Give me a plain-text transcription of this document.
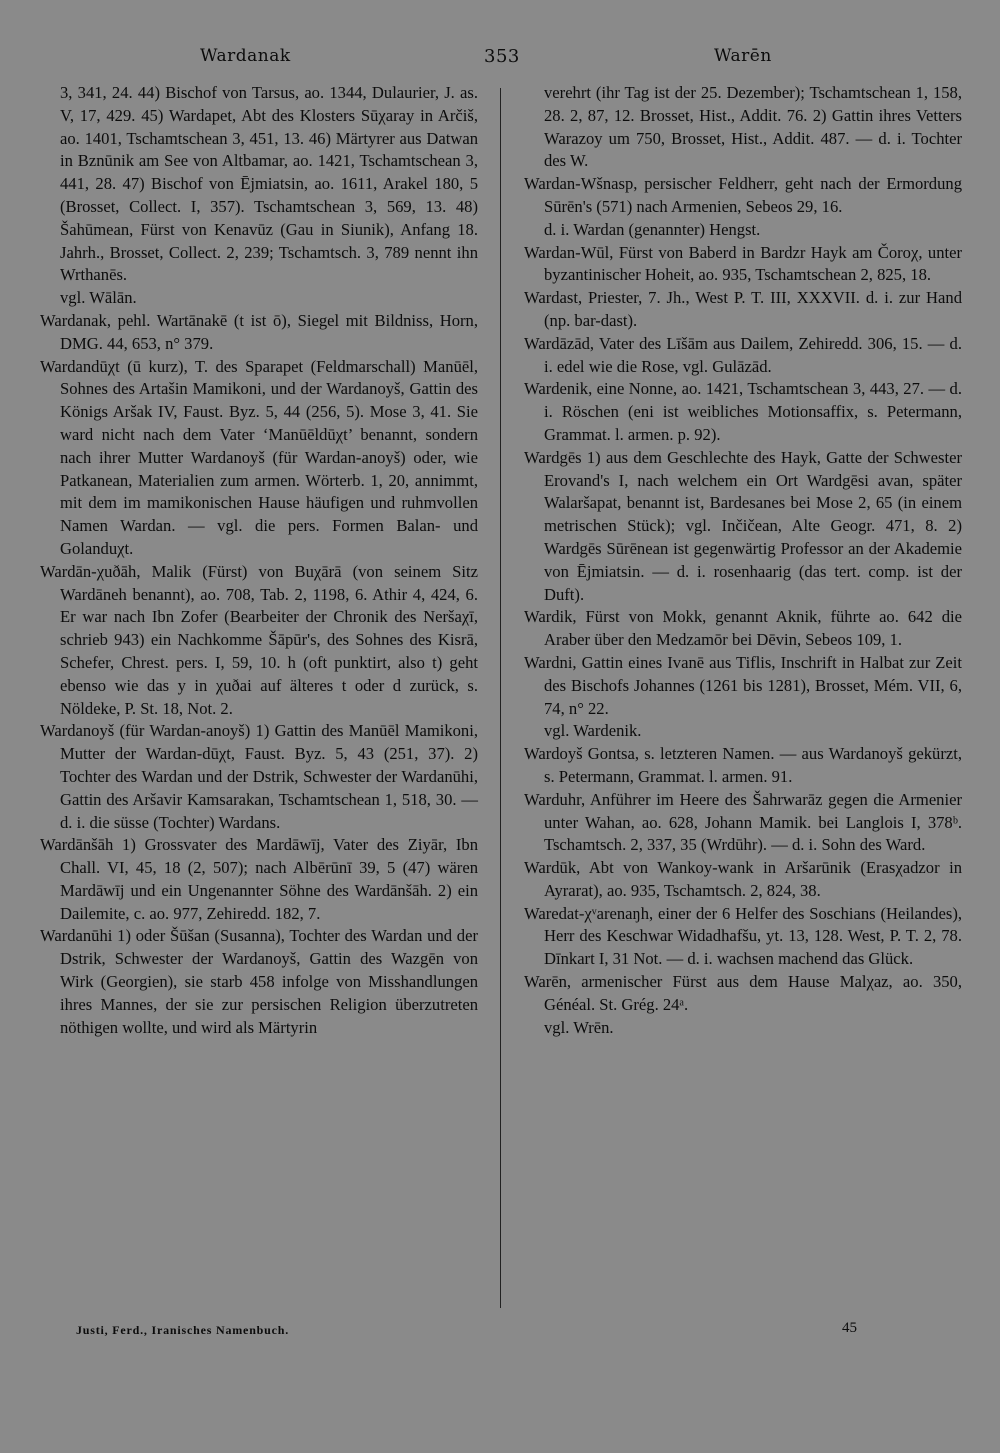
Wardanak	353	Warēn

3, 341, 24. 44) Bischof von Tarsus, ao. 1344, Dulaurier, J. as. V, 17, 429. 45) Wardapet, Abt des Klosters Sūχaray in Arčiš, ao. 1401, Tschamtschean 3, 451, 13. 46) Märtyrer aus Datwan in Bznūnik am See von Altbamar, ao. 1421, Tschamtschean 3, 441, 28. 47) Bischof von Ējmiatsin, ao. 1611, Arakel 180, 5 (Brosset, Collect. I, 357). Tschamtschean 3, 569, 13. 48) Šahūmean, Fürst von Kenavūz (Gau in Siunik), Anfang 18. Jahrh., Brosset, Collect. 2, 239; Tschamtsch. 3, 789 nennt ihn Wrthanēs.

vgl. Wālān.

Wardanak, pehl. Wartānakē (t ist ō), Siegel mit Bildniss, Horn, DMG. 44, 653, n° 379.

Wardandūχt (ū kurz), T. des Sparapet (Feldmarschall) Manūēl, Sohnes des Artašin Mamikoni, und der Wardanoyš, Gattin des Königs Aršak IV, Faust. Byz. 5, 44 (256, 5). Mose 3, 41. Sie ward nicht nach dem Vater ‘Manūēldūχt’ benannt, sondern nach ihrer Mutter Wardanoyš (für Wardan-anoyš) oder, wie Patkanean, Materialien zum armen. Wörterb. 1, 20, annimmt, mit dem im mamikonischen Hause häufigen und ruhmvollen Namen Wardan. — vgl. die pers. Formen Balan- und Golanduχt.

Wardān-χuðāh, Malik (Fürst) von Buχārā (von seinem Sitz Wardāneh benannt), ao. 708, Tab. 2, 1198, 6. Athir 4, 424, 6. Er war nach Ibn Zofer (Bearbeiter der Chronik des Neršaχī, schrieb 943) ein Nachkomme Šāpūr's, des Sohnes des Kisrā, Schefer, Chrest. pers. I, 59, 10. h (oft punktirt, also t) geht ebenso wie das y in χuðai auf älteres t oder d zurück, s. Nöldeke, P. St. 18, Not. 2.

Wardanoyš (für Wardan-anoyš) 1) Gattin des Manūēl Mamikoni, Mutter der Wardan-dūχt, Faust. Byz. 5, 43 (251, 37). 2) Tochter des Wardan und der Dstrik, Schwester der Wardanūhi, Gattin des Aršavir Kamsarakan, Tschamtschean 1, 518, 30. — d. i. die süsse (Tochter) Wardans.

Wardānšāh 1) Grossvater des Mardāwīj, Vater des Ziyār, Ibn Chall. VI, 45, 18 (2, 507); nach Albērūnī 39, 5 (47) wären Mardāwīj und ein Ungenannter Söhne des Wardānšāh. 2) ein Dailemite, c. ao. 977, Zehiredd. 182, 7.

Wardanūhi 1) oder Šūšan (Susanna), Tochter des Wardan und der Dstrik, Schwester der Wardanoyš, Gattin des Wazgēn von Wirk (Georgien), sie starb 458 infolge von Misshandlungen ihres Mannes, der sie zur persischen Religion überzutreten nöthigen wollte, und wird als Märtyrin

verehrt (ihr Tag ist der 25. Dezember); Tschamtschean 1, 158, 28. 2, 87, 12. Brosset, Hist., Addit. 76. 2) Gattin ihres Vetters Warazoy um 750, Brosset, Hist., Addit. 487. — d. i. Tochter des W.

Wardan-Wšnasp, persischer Feldherr, geht nach der Ermordung Sūrēn's (571) nach Armenien, Sebeos 29, 16.

d. i. Wardan (genannter) Hengst.

Wardan-Wūl, Fürst von Baberd in Bardzr Hayk am Čoroχ, unter byzantinischer Hoheit, ao. 935, Tschamtschean 2, 825, 18.

Wardast, Priester, 7. Jh., West P. T. III, XXXVII. d. i. zur Hand (np. bar-dast).

Wardāzād, Vater des Līšām aus Dailem, Zehiredd. 306, 15. — d. i. edel wie die Rose, vgl. Gulāzād.

Wardenik, eine Nonne, ao. 1421, Tschamtschean 3, 443, 27. — d. i. Röschen (eni ist weibliches Motionsaffix, s. Petermann, Grammat. l. armen. p. 92).

Wardgēs 1) aus dem Geschlechte des Hayk, Gatte der Schwester Erovand's I, nach welchem ein Ort Wardgēsi avan, später Walaršapat, benannt ist, Bardesanes bei Mose 2, 65 (in einem metrischen Stück); vgl. Inčičean, Alte Geogr. 471, 8. 2) Wardgēs Sūrēnean ist gegenwärtig Professor an der Akademie von Ējmiatsin. — d. i. rosenhaarig (das tert. comp. ist der Duft).

Wardik, Fürst von Mokk, genannt Aknik, führte ao. 642 die Araber über den Medzamōr bei Dēvin, Sebeos 109, 1.

Wardni, Gattin eines Ivanē aus Tiflis, Inschrift in Halbat zur Zeit des Bischofs Johannes (1261 bis 1281), Brosset, Mém. VII, 6, 74, n° 22.

vgl. Wardenik.

Wardoyš Gontsa, s. letzteren Namen. — aus Wardanoyš gekürzt, s. Petermann, Grammat. l. armen. 91.

Warduhr, Anführer im Heere des Šahrwarāz gegen die Armenier unter Wahan, ao. 628, Johann Mamik. bei Langlois I, 378ᵇ. Tschamtsch. 2, 337, 35 (Wrdūhr). — d. i. Sohn des Ward.

Wardūk, Abt von Wankoy-wank in Aršarūnik (Erasχadzor in Ayrarat), ao. 935, Tschamtsch. 2, 824, 38.

Waredat-χᵛarenaŋh, einer der 6 Helfer des Soschians (Heilandes), Herr des Keschwar Widadhafšu, yt. 13, 128. West, P. T. 2, 78. Dīnkart I, 31 Not. — d. i. wachsen machend das Glück.

Warēn, armenischer Fürst aus dem Hause Malχaz, ao. 350, Généal. St. Grég. 24ᵃ.

vgl. Wrēn.

Justi, Ferd., Iranisches Namenbuch.	45
